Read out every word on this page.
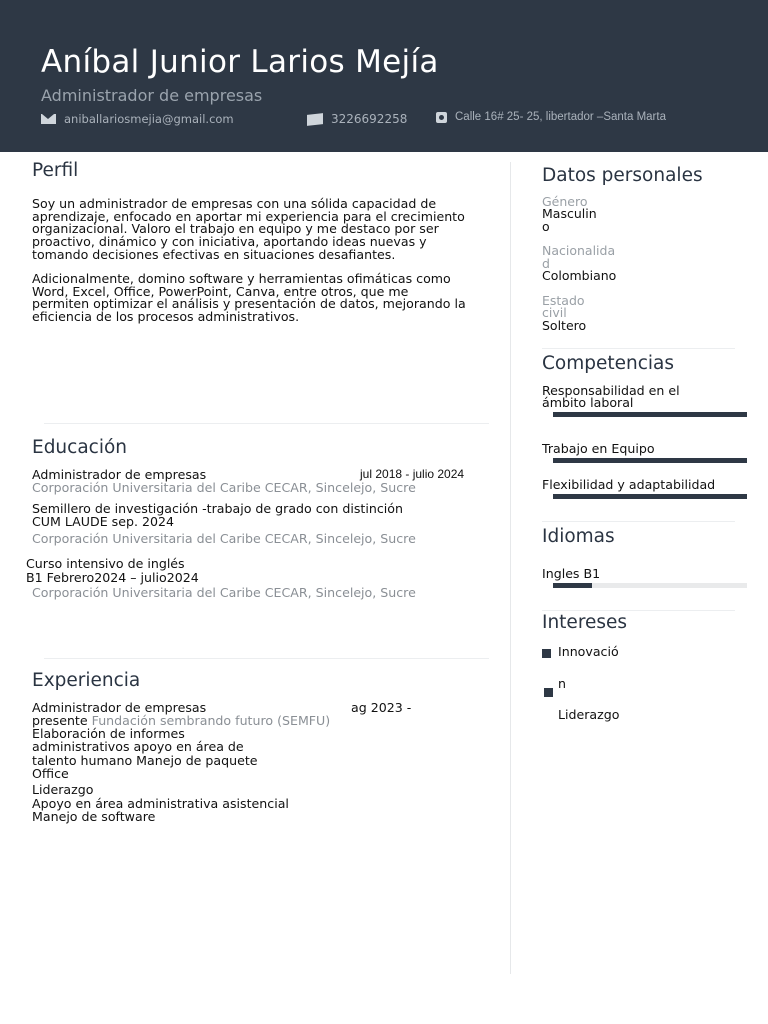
Aníbal Junior Larios Mejía
Administrador de empresas
aniballariosmejia@gmail.com	3226692258	Calle 16# 25- 25, libertador –Santa Marta
Perfil
Soy un administrador de empresas con una sólida capacidad de
aprendizaje, enfocado en aportar mi experiencia para el crecimiento
organizacional. Valoro el trabajo en equipo y me destaco por ser
proactivo, dinámico y con iniciativa, aportando ideas nuevas y
tomando decisiones efectivas en situaciones desafiantes.
Adicionalmente, domino software y herramientas ofimáticas como
Word, Excel, Office, PowerPoint, Canva, entre otros, que me
permiten optimizar el análisis y presentación de datos, mejorando la
eficiencia de los procesos administrativos.
Educación
Administrador de empresas	jul 2018 - julio 2024
Corporación Universitaria del Caribe CECAR, Sincelejo, Sucre
Semillero de investigación -trabajo de grado con distinción
CUM LAUDE sep. 2024
Corporación Universitaria del Caribe CECAR, Sincelejo, Sucre
Curso intensivo de inglés
B1 Febrero2024 – julio2024
Corporación Universitaria del Caribe CECAR, Sincelejo, Sucre
Experiencia
Administrador de empresas	ag 2023 -
presente Fundación sembrando futuro (SEMFU)
Elaboración de informes
administrativos apoyo en área de
talento humano Manejo de paquete
Office
Liderazgo
Apoyo en área administrativa asistencial
Manejo de software
Datos personales
Género
Masculin
o
Nacionalida
d
Colombiano
Estado
civil
Soltero
Competencias
Responsabilidad en el
ámbito laboral
Trabajo en Equipo
Flexibilidad y adaptabilidad
Idiomas
Ingles B1
Intereses
Innovació
n
Liderazgo
